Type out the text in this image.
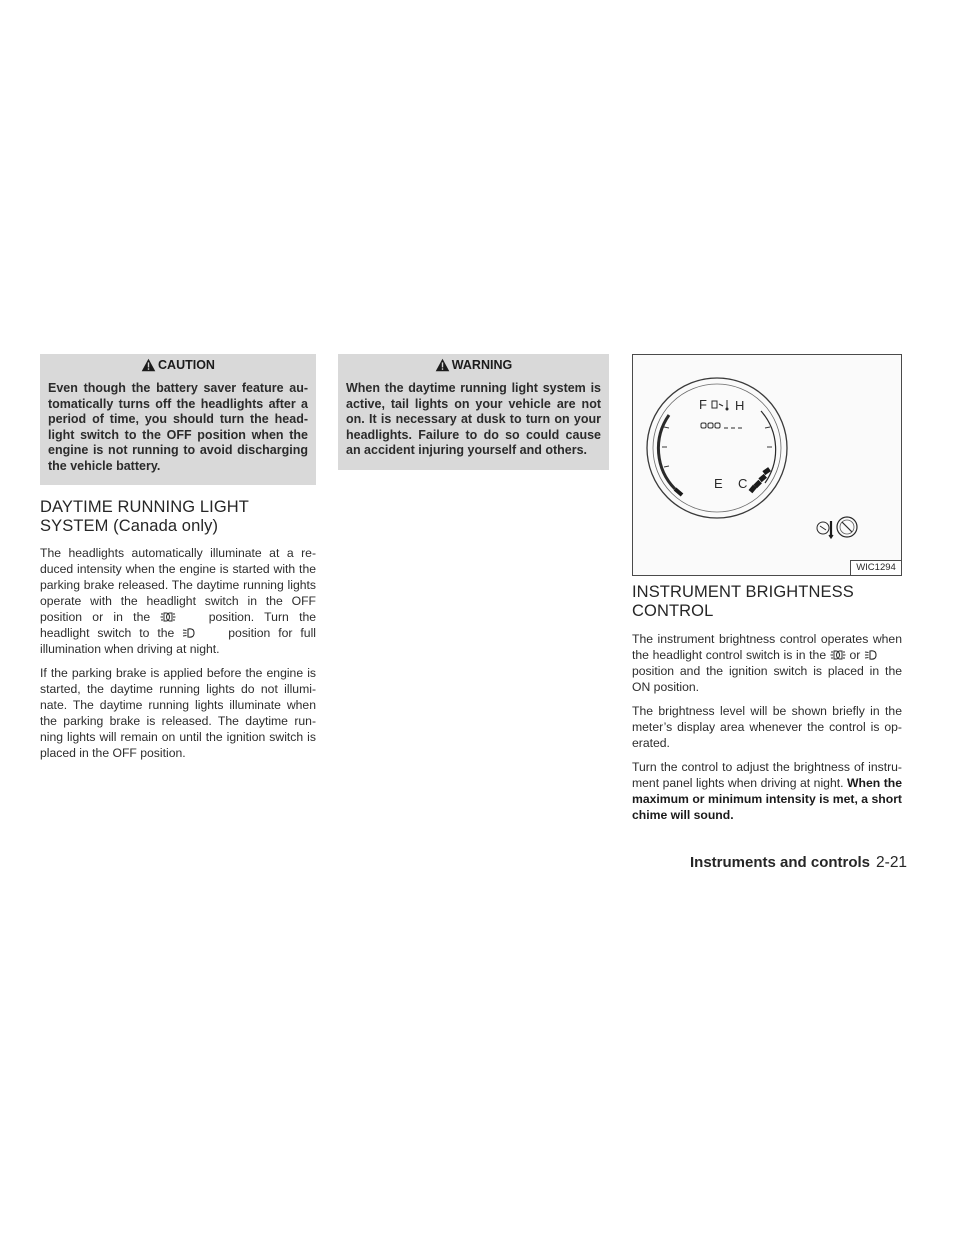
CAUTION

Even though the battery saver feature au-tomatically turns off the headlights after a period of time, you should turn the head-light switch to the OFF position when the engine is not running to avoid discharging the vehicle battery.

DAYTIME RUNNING LIGHT SYSTEM (Canada only)

The headlights automatically illuminate at a re-duced intensity when the engine is started with the parking brake released. The daytime running lights operate with the headlight switch in the OFF position or in the	position. Turn the headlight switch to the	position for full illumination when driving at night.

If the parking brake is applied before the engine is started, the daytime running lights do not illumi-nate. The daytime running lights illuminate when the parking brake is released. The daytime run-ning lights will remain on until the ignition switch is placed in the OFF position.

WARNING

When the daytime running light system is active, tail lights on your vehicle are not on. It is necessary at dusk to turn on your headlights. Failure to do so could cause an accident injuring yourself and others.

F H
E C
WIC1294
INSTRUMENT BRIGHTNESS CONTROL

The instrument brightness control operates when the headlight control switch is in the or  position and the ignition switch is placed in the ON position.

The brightness level will be shown briefly in the meter’s display area whenever the control is op-erated.

Turn the control to adjust the brightness of instru-ment panel lights when driving at night. When the maximum or minimum intensity is met, a short chime will sound.

Instruments and controls 2-21
